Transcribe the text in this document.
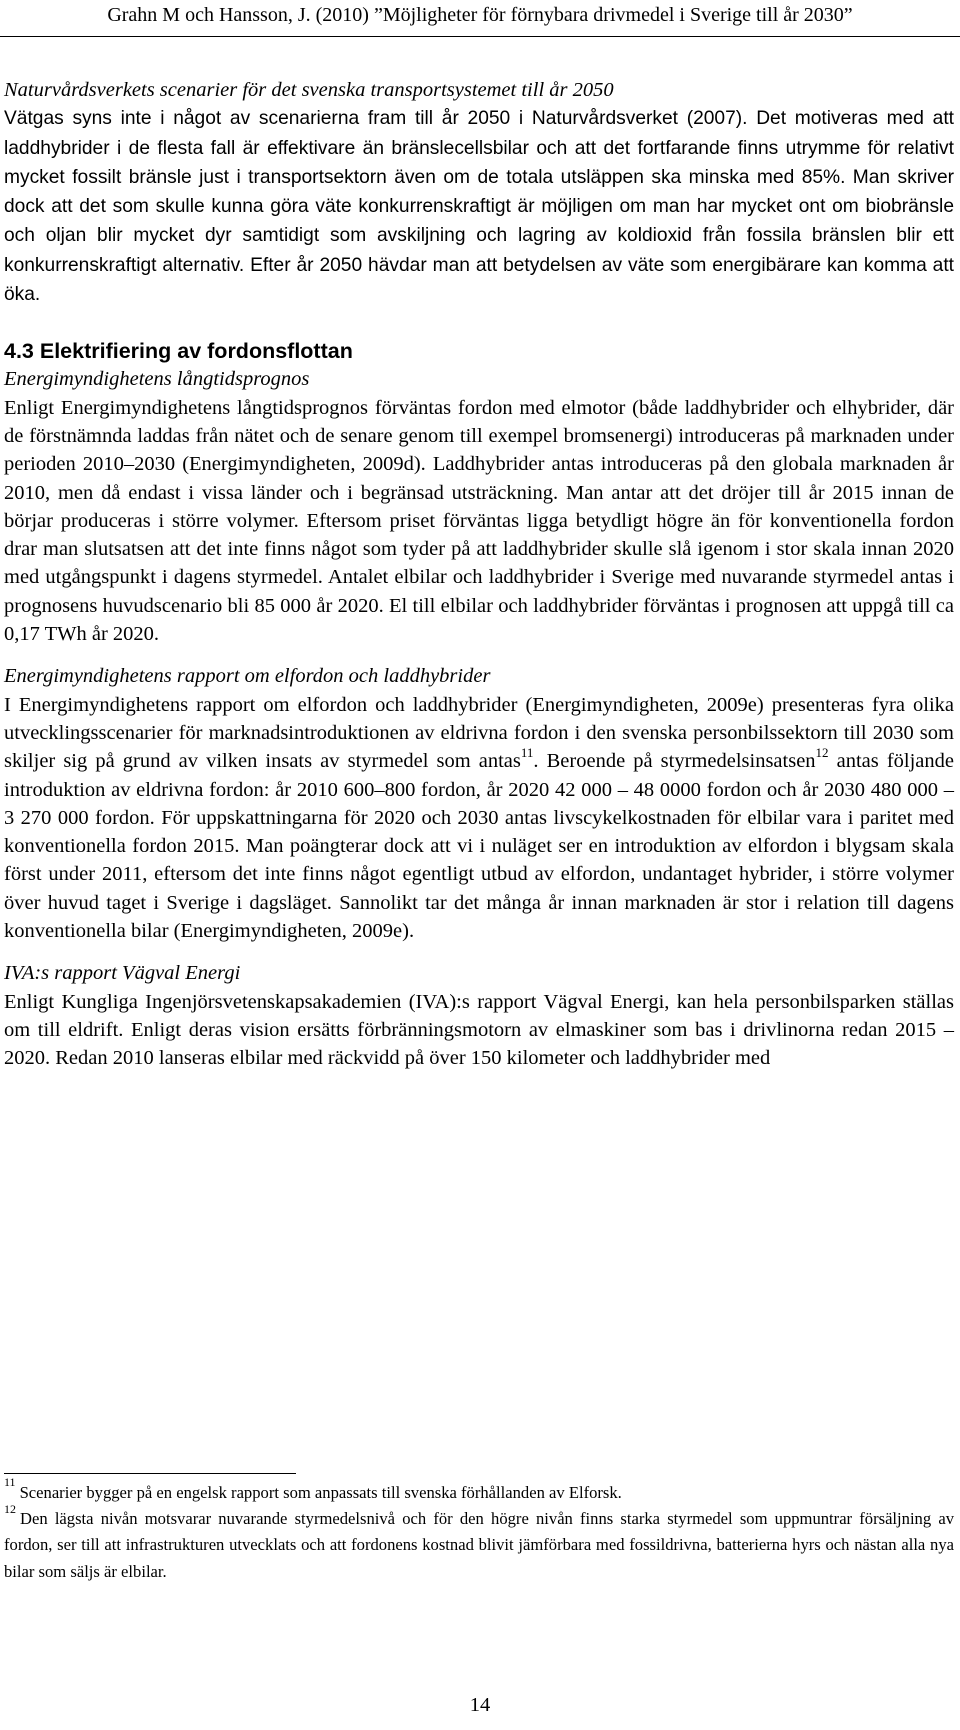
Grahn M och Hansson, J. (2010) ”Möjligheter för förnybara drivmedel i Sverige till år 2030”

Naturvårdsverkets scenarier för det svenska transportsystemet till år 2050

Vätgas syns inte i något av scenarierna fram till år 2050 i Naturvårdsverket (2007). Det motiveras med att laddhybrider i de flesta fall är effektivare än bränslecellsbilar och att det fortfarande finns utrymme för relativt mycket fossilt bränsle just i transportsektorn även om de totala utsläppen ska minska med 85%. Man skriver dock att det som skulle kunna göra väte konkurrenskraftigt är möjligen om man har mycket ont om biobränsle och oljan blir mycket dyr samtidigt som avskiljning och lagring av koldioxid från fossila bränslen blir ett konkurrenskraftigt alternativ. Efter år 2050 hävdar man att betydelsen av väte som energibärare kan komma att öka.

4.3 Elektrifiering av fordonsflottan

Energimyndighetens långtidsprognos

Enligt Energimyndighetens långtidsprognos förväntas fordon med elmotor (både laddhybrider och elhybrider, där de förstnämnda laddas från nätet och de senare genom till exempel bromsenergi) introduceras på marknaden under perioden 2010–2030 (Energimyndigheten, 2009d). Laddhybrider antas introduceras på den globala marknaden år 2010, men då endast i vissa länder och i begränsad utsträckning. Man antar att det dröjer till år 2015 innan de börjar produceras i större volymer. Eftersom priset förväntas ligga betydligt högre än för konventionella fordon drar man slutsatsen att det inte finns något som tyder på att laddhybrider skulle slå igenom i stor skala innan 2020 med utgångspunkt i dagens styrmedel. Antalet elbilar och laddhybrider i Sverige med nuvarande styrmedel antas i prognosens huvudscenario bli 85 000 år 2020. El till elbilar och laddhybrider förväntas i prognosen att uppgå till ca 0,17 TWh år 2020.

Energimyndighetens rapport om elfordon och laddhybrider

I Energimyndighetens rapport om elfordon och laddhybrider (Energimyndigheten, 2009e) presenteras fyra olika utvecklingsscenarier för marknadsintroduktionen av eldrivna fordon i den svenska personbilssektorn till 2030 som skiljer sig på grund av vilken insats av styrmedel som antas$^{11}$. Beroende på styrmedelsinsatsen$^{12}$ antas följande introduktion av eldrivna fordon: år 2010 600–800 fordon, år 2020 42 000 – 48 0000 fordon och år 2030 480 000 – 3 270 000 fordon. För uppskattningarna för 2020 och 2030 antas livscykelkostnaden för elbilar vara i paritet med konventionella fordon 2015. Man poängterar dock att vi i nuläget ser en introduktion av elfordon i blygsam skala först under 2011, eftersom det inte finns något egentligt utbud av elfordon, undantaget hybrider, i större volymer över huvud taget i Sverige i dagsläget. Sannolikt tar det många år innan marknaden är stor i relation till dagens konventionella bilar (Energimyndigheten, 2009e).

IVA:s rapport Vägval Energi

Enligt Kungliga Ingenjörsvetenskapsakademien (IVA):s rapport Vägval Energi, kan hela personbilsparken ställas om till eldrift. Enligt deras vision ersätts förbränningsmotorn av elmaskiner som bas i drivlinorna redan 2015 – 2020. Redan 2010 lanseras elbilar med räckvidd på över 150 kilometer och laddhybrider med

$^{11}$Scenarier bygger på en engelsk rapport som anpassats till svenska förhållanden av Elforsk.

$^{12}$Den lägsta nivån motsvarar nuvarande styrmedelsnivå och för den högre nivån finns starka styrmedel som uppmuntrar försäljning av fordon, ser till att infrastrukturen utvecklats och att fordonens kostnad blivit jämförbara med fossildrivna, batterierna hyrs och nästan alla nya bilar som säljs är elbilar.

14
